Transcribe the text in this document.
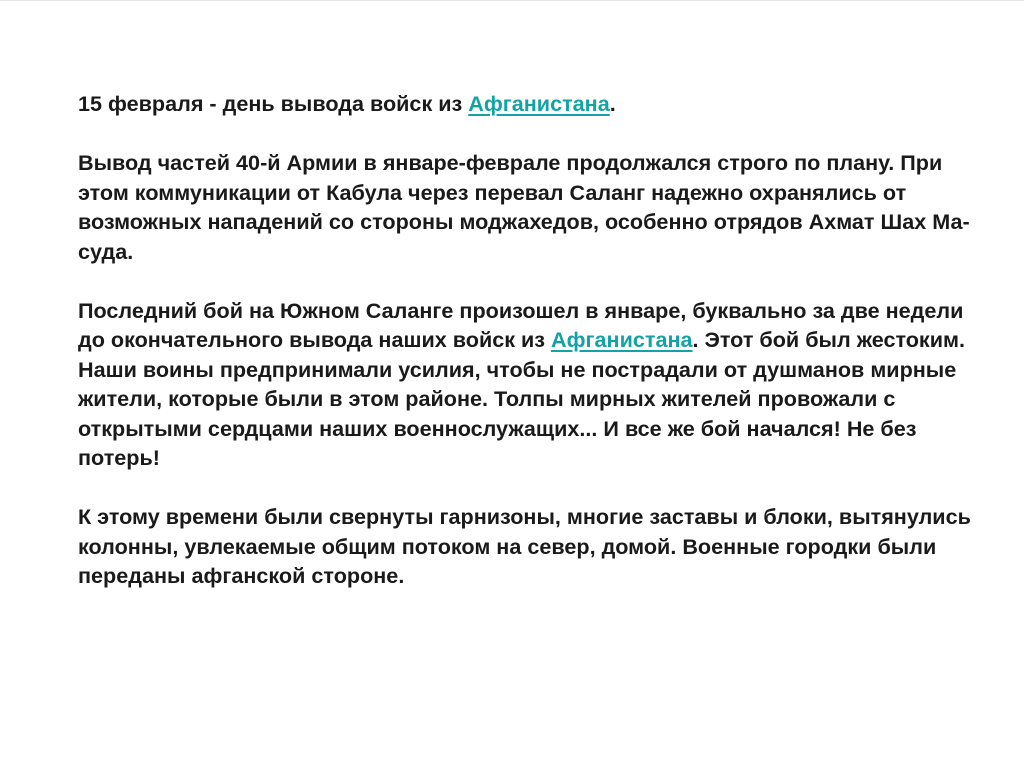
15 февраля - день вывода войск из Афганистана.

Вывод частей 40-й Армии в январе-феврале продолжался строго по плану. При этом коммуникации от Кабула через перевал Саланг надежно охранялись от возможных нападений со стороны моджахедов, особенно отрядов Ахмат Шах Ма-суда.

Последний бой на Южном Саланге произошел в январе, буквально за две недели до окончательного вывода наших войск из Афганистана. Этот бой был жестоким. Наши воины предпринимали усилия, чтобы не пострадали от душманов мирные жители, которые были в этом районе. Толпы мирных жителей провожали с открытыми сердцами наших военнослужащих... И все же бой начался! Не без потерь!

К этому времени были свернуты гарнизоны, многие заставы и блоки, вытянулись колонны, увлекаемые общим потоком на север, домой. Военные городки были переданы афганской стороне.
